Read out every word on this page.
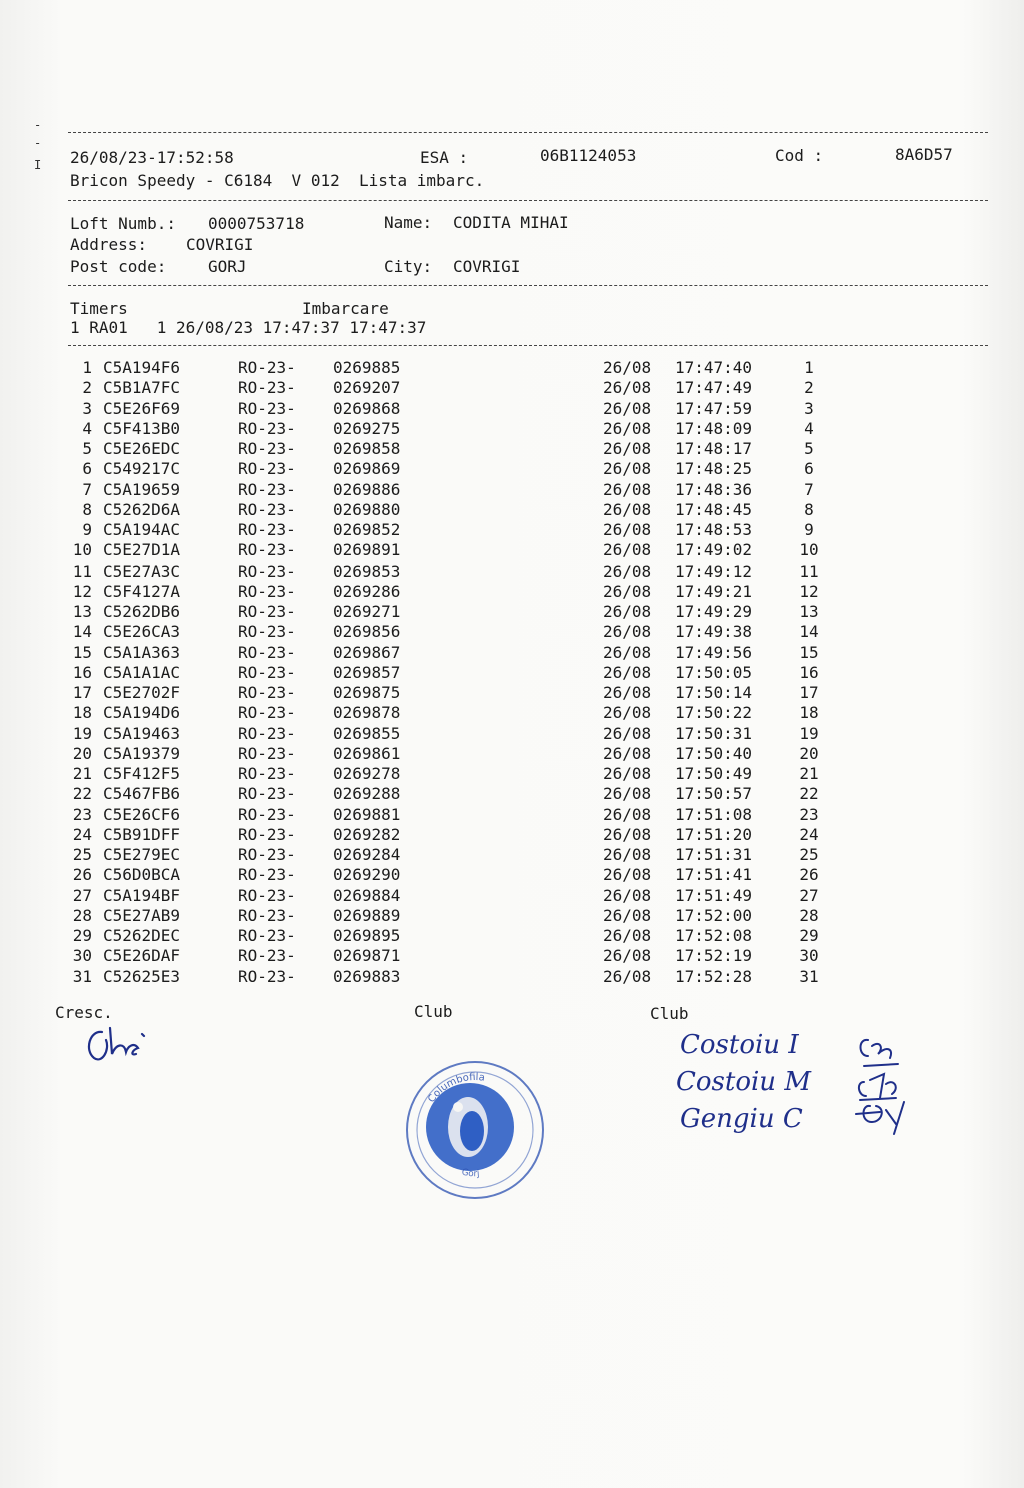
-
-
I 26/08/23-17:52:58	ESA :	06B1124053	Cod :	8A6D57
Bricon Speedy - C6184  V 012  Lista imbarc.
Loft Numb.: 0000753718	Name: CODITA MIHAI
Address: COVRIGI
Post code:	GORJ	City: COVRIGI
Timers	Imbarcare
1 RA01   1 26/08/23 17:47:37 17:47:37
1 C5A194F6	RO-23- 0269885	26/08 17:47:40	1
2 C5B1A7FC	RO-23- 0269207	26/08 17:47:49	2
3 C5E26F69	RO-23- 0269868	26/08 17:47:59	3
4 C5F413B0	RO-23- 0269275	26/08 17:48:09	4
5 C5E26EDC	RO-23- 0269858	26/08 17:48:17	5
6 C549217C	RO-23- 0269869	26/08 17:48:25	6
7 C5A19659	RO-23- 0269886	26/08 17:48:36	7
8 C5262D6A	RO-23- 0269880	26/08 17:48:45	8
9 C5A194AC	RO-23- 0269852	26/08 17:48:53	9
10 C5E27D1A	RO-23- 0269891	26/08 17:49:02	10
11 C5E27A3C	RO-23- 0269853	26/08 17:49:12	11
12 C5F4127A	RO-23- 0269286	26/08 17:49:21	12
13 C5262DB6	RO-23- 0269271	26/08 17:49:29	13
14 C5E26CA3	RO-23- 0269856	26/08 17:49:38	14
15 C5A1A363	RO-23- 0269867	26/08 17:49:56	15
16 C5A1A1AC	RO-23- 0269857	26/08 17:50:05	16
17 C5E2702F	RO-23- 0269875	26/08 17:50:14	17
18 C5A194D6	RO-23- 0269878	26/08 17:50:22	18
19 C5A19463	RO-23- 0269855	26/08 17:50:31	19
20 C5A19379	RO-23- 0269861	26/08 17:50:40	20
21 C5F412F5	RO-23- 0269278	26/08 17:50:49	21
22 C5467FB6	RO-23- 0269288	26/08 17:50:57	22
23 C5E26CF6	RO-23- 0269881	26/08 17:51:08	23
24 C5B91DFF	RO-23- 0269282	26/08 17:51:20	24
25 C5E279EC	RO-23- 0269284	26/08 17:51:31	25
26 C56D0BCA	RO-23- 0269290	26/08 17:51:41	26
27 C5A194BF	RO-23- 0269884	26/08 17:51:49	27
28 C5E27AB9	RO-23- 0269889	26/08 17:52:00	28
29 C5262DEC	RO-23- 0269895	26/08 17:52:08	29
30 C5E26DAF	RO-23- 0269871	26/08 17:52:19	30
31 C52625E3	RO-23- 0269883	26/08 17:52:28	31
Cresc.	Club	Club
Costoiu I
Costoiu M
Gengiu C
Columbofila
Gorj
